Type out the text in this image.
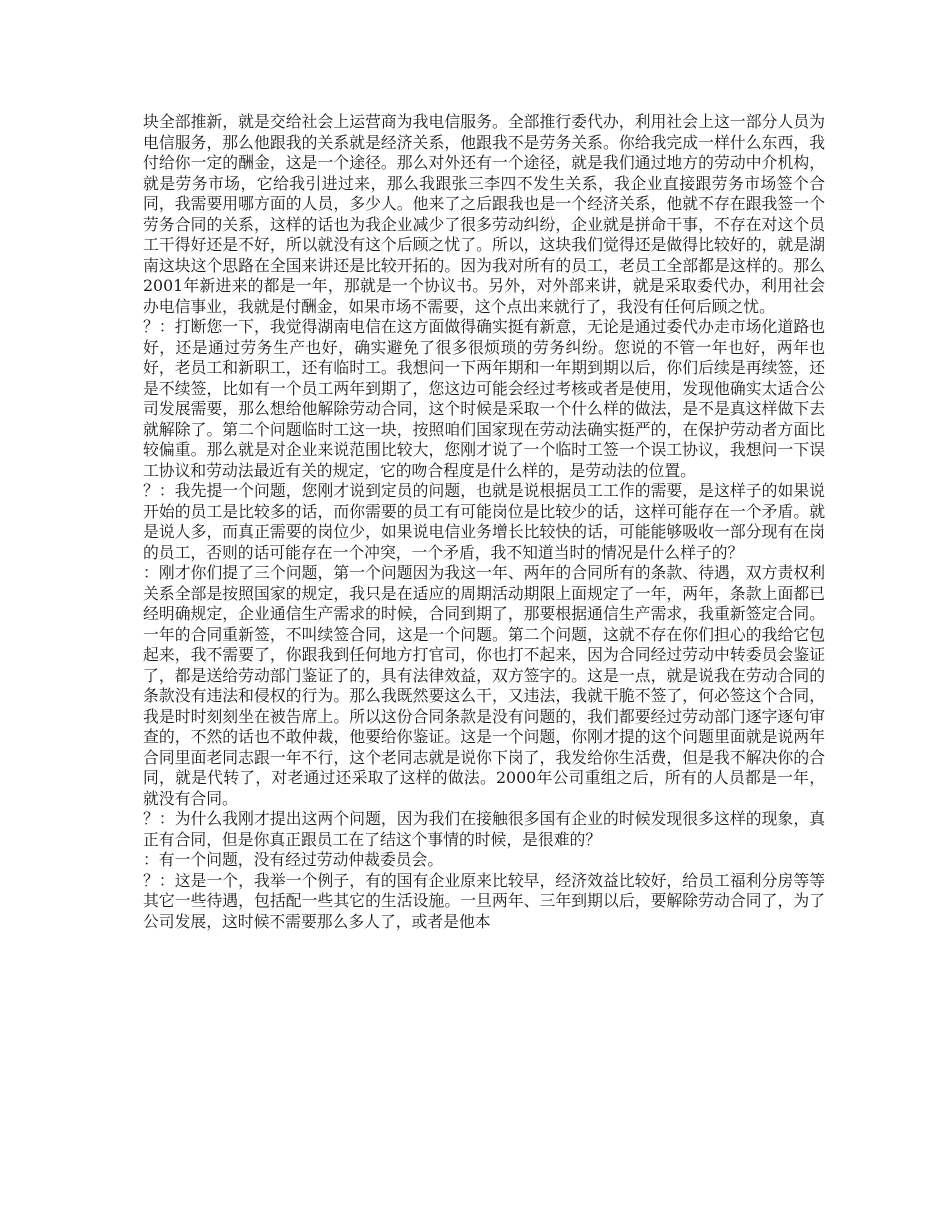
块全部推新，就是交给社会上运营商为我电信服务。全部推行委代办，利用社会上这一部分人员为电信服务，那么他跟我的关系就是经济关系，他跟我不是劳务关系。你给我完成一样什么东西，我付给你一定的酬金，这是一个途径。那么对外还有一个途径，就是我们通过地方的劳动中介机构，就是劳务市场，它给我引进过来，那么我跟张三李四不发生关系，我企业直接跟劳务市场签个合同，我需要用哪方面的人员，多少人。他来了之后跟我也是一个经济关系，他就不存在跟我签一个劳务合同的关系，这样的话也为我企业减少了很多劳动纠纷，企业就是拼命干事，不存在对这个员工干得好还是不好，所以就没有这个后顾之忧了。所以，这块我们觉得还是做得比较好的，就是湖南这块这个思路在全国来讲还是比较开拓的。因为我对所有的员工，老员工全部都是这样的。那么2001年新进来的都是一年，那就是一个协议书。另外，对外部来讲，就是采取委代办，利用社会办电信事业，我就是付酬金，如果市场不需要，这个点出来就行了，我没有任何后顾之忧。

？：打断您一下，我觉得湖南电信在这方面做得确实挺有新意，无论是通过委代办走市场化道路也好，还是通过劳务生产也好，确实避免了很多很烦琐的劳务纠纷。您说的不管一年也好，两年也好，老员工和新职工，还有临时工。我想问一下两年期和一年期到期以后，你们后续是再续签，还是不续签，比如有一个员工两年到期了，您这边可能会经过考核或者是使用，发现他确实太适合公司发展需要，那么想给他解除劳动合同，这个时候是采取一个什么样的做法，是不是真这样做下去就解除了。第二个问题临时工这一块，按照咱们国家现在劳动法确实挺严的，在保护劳动者方面比较偏重。那么就是对企业来说范围比较大，您刚才说了一个临时工签一个误工协议，我想问一下误工协议和劳动法最近有关的规定，它的吻合程度是什么样的，是劳动法的位置。

？：我先提一个问题，您刚才说到定员的问题，也就是说根据员工工作的需要，是这样子的如果说开始的员工是比较多的话，而你需要的员工有可能岗位是比较少的话，这样可能存在一个矛盾。就是说人多，而真正需要的岗位少，如果说电信业务增长比较快的话，可能能够吸收一部分现有在岗的员工，否则的话可能存在一个冲突，一个矛盾，我不知道当时的情况是什么样子的？

：刚才你们提了三个问题，第一个问题因为我这一年、两年的合同所有的条款、待遇，双方责权利关系全部是按照国家的规定，我只是在适应的周期活动期限上面规定了一年，两年，条款上面都已经明确规定，企业通信生产需求的时候，合同到期了，那要根据通信生产需求，我重新签定合同。一年的合同重新签，不叫续签合同，这是一个问题。第二个问题，这就不存在你们担心的我给它包起来，我不需要了，你跟我到任何地方打官司，你也打不起来，因为合同经过劳动中转委员会鉴证了，都是送给劳动部门鉴证了的，具有法律效益，双方签字的。这是一点，就是说我在劳动合同的条款没有违法和侵权的行为。那么我既然要这么干，又违法，我就干脆不签了，何必签这个合同，我是时时刻刻坐在被告席上。所以这份合同条款是没有问题的，我们都要经过劳动部门逐字逐句审查的，不然的话也不敢仲裁，他要给你鉴证。这是一个问题，你刚才提的这个问题里面就是说两年合同里面老同志跟一年不行，这个老同志就是说你下岗了，我发给你生活费，但是我不解决你的合同，就是代转了，对老通过还采取了这样的做法。2000年公司重组之后，所有的人员都是一年，就没有合同。

？：为什么我刚才提出这两个问题，因为我们在接触很多国有企业的时候发现很多这样的现象，真正有合同，但是你真正跟员工在了结这个事情的时候，是很难的？

：有一个问题，没有经过劳动仲裁委员会。

？：这是一个，我举一个例子，有的国有企业原来比较早，经济效益比较好，给员工福利分房等等其它一些待遇，包括配一些其它的生活设施。一旦两年、三年到期以后，要解除劳动合同了，为了公司发展，这时候不需要那么多人了，或者是他本
